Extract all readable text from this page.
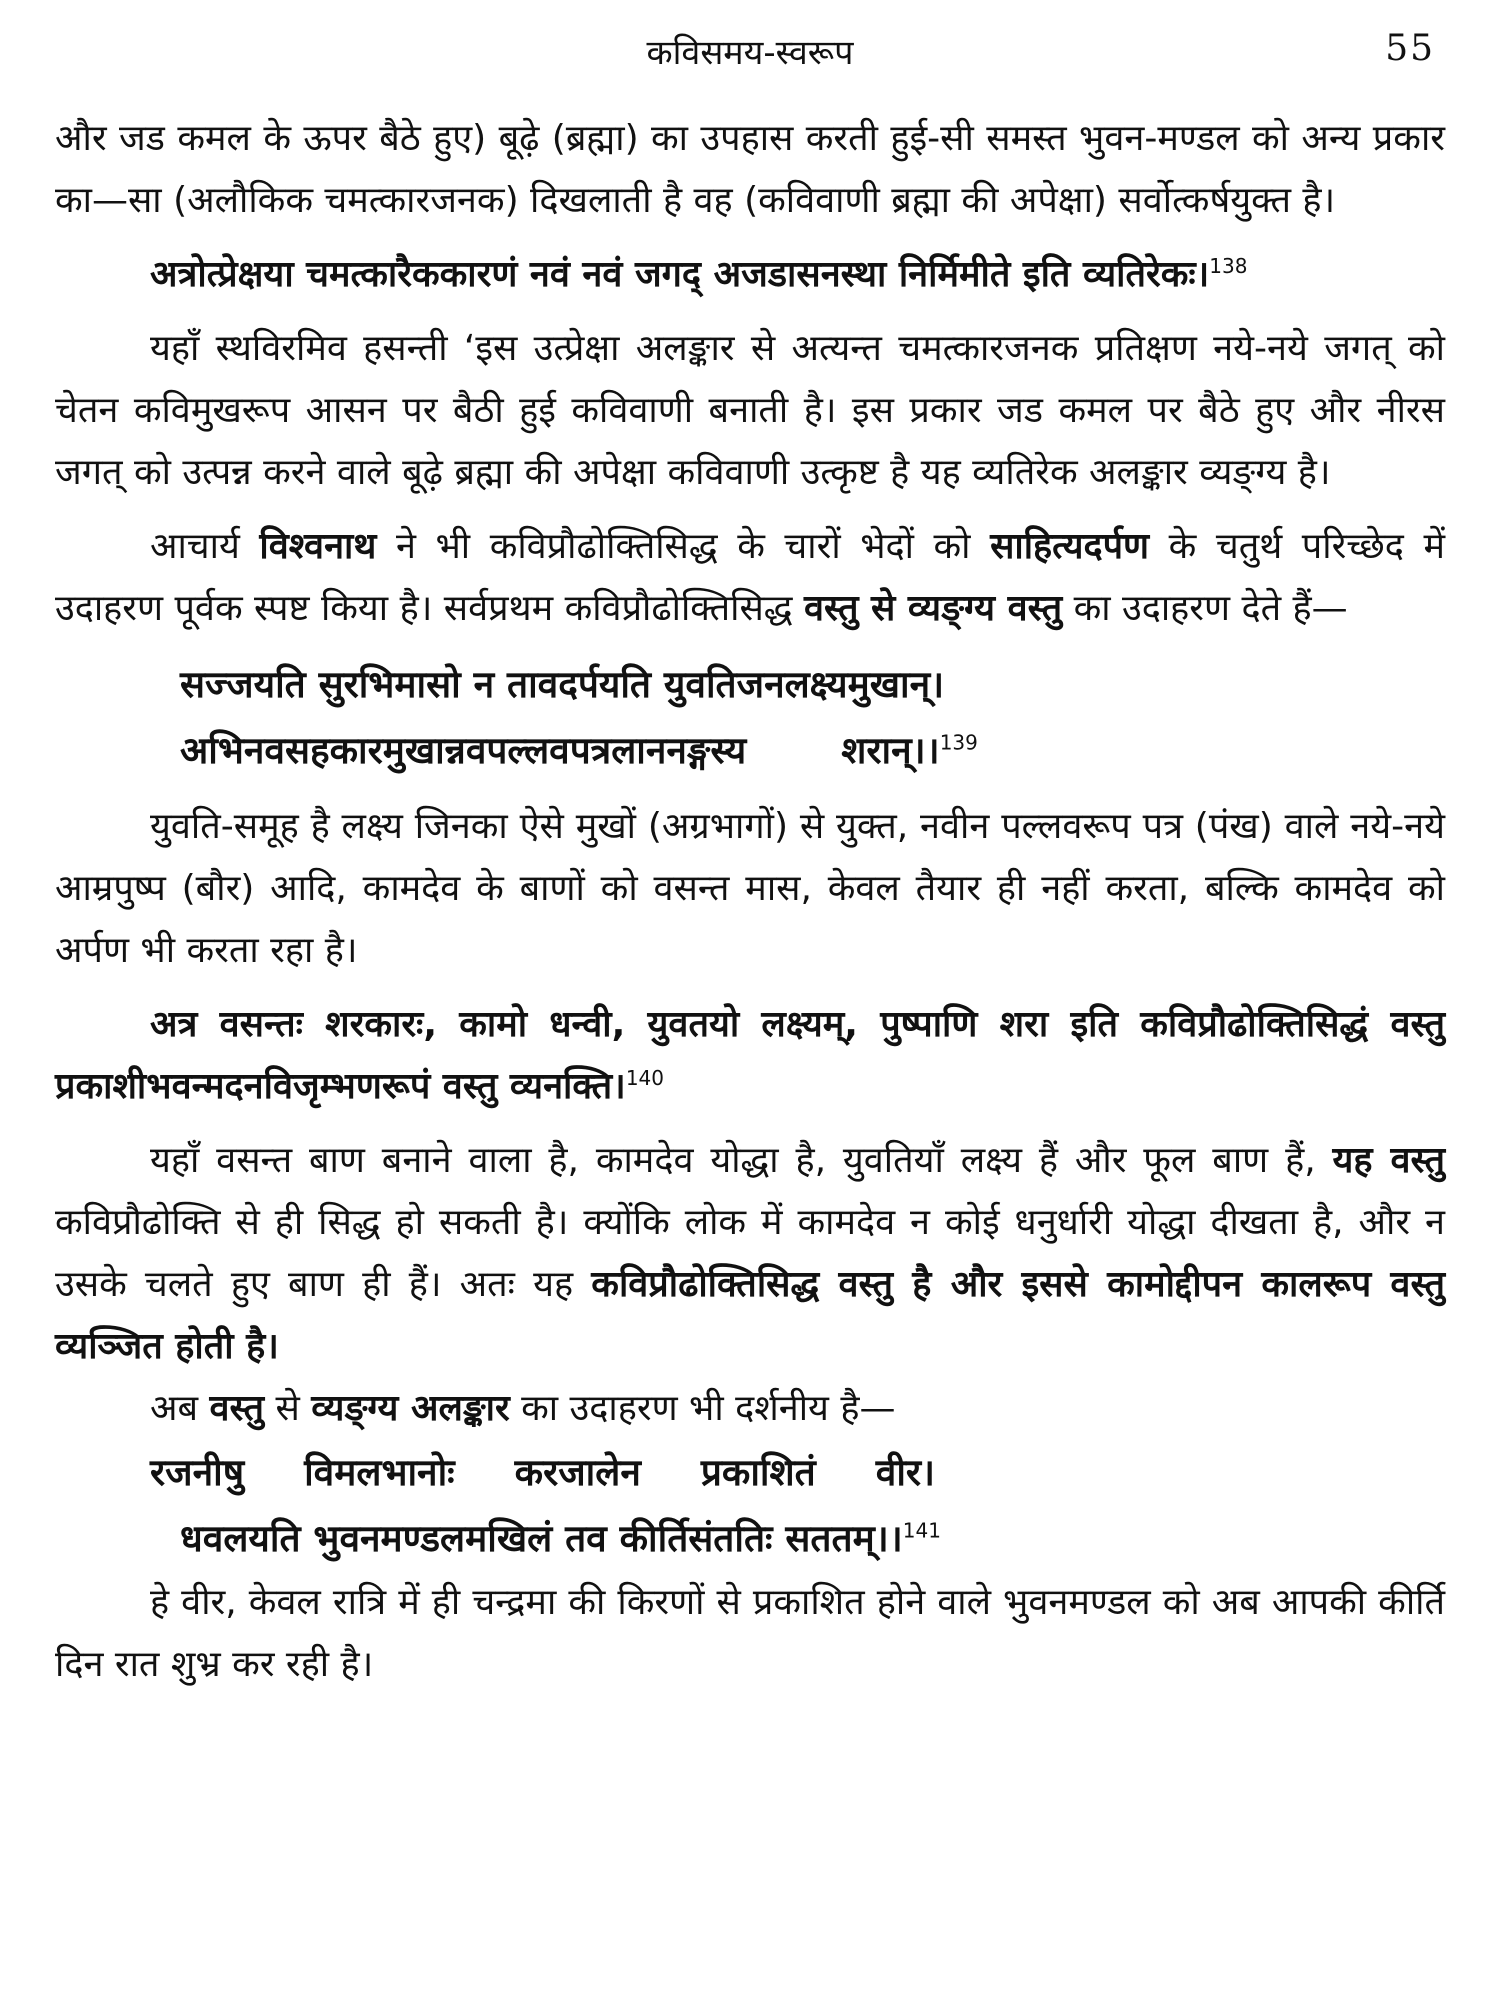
कविसमय-स्वरूप	55

और जड कमल के ऊपर बैठे हुए) बूढ़े (ब्रह्मा) का उपहास करती हुई-सी समस्त भुवन-मण्डल को अन्य प्रकार का—सा (अलौकिक चमत्कारजनक) दिखलाती है वह (कविवाणी ब्रह्मा की अपेक्षा) सर्वोत्कर्षयुक्त है।

अत्रोत्प्रेक्षया चमत्कारैककारणं नवं नवं जगद् अजडासनस्था निर्मिमीते इति व्यतिरेकः।$^{138}$

यहाँ स्थविरमिव हसन्ती ‘इस उत्प्रेक्षा अलङ्कार से अत्यन्त चमत्कारजनक प्रतिक्षण नये-नये जगत् को चेतन कविमुखरूप आसन पर बैठी हुई कविवाणी बनाती है। इस प्रकार जड कमल पर बैठे हुए और नीरस जगत् को उत्पन्न करने वाले बूढ़े ब्रह्मा की अपेक्षा कविवाणी उत्कृष्ट है यह व्यतिरेक अलङ्कार व्यङ्ग्य है।

आचार्य विश्वनाथ ने भी कविप्रौढोक्तिसिद्ध के चारों भेदों को साहित्यदर्पण के चतुर्थ परिच्छेद में उदाहरण पूर्वक स्पष्ट किया है। सर्वप्रथम कविप्रौढोक्तिसिद्ध वस्तु से व्यङ्ग्य वस्तु का उदाहरण देते हैं—

सज्जयति सुरभिमासो न तावदर्पयति युवतिजनलक्ष्यमुखान्।

अभिनवसहकारमुखान्नवपल्लवपत्रलाननङ्गस्य	शरान्।।$^{139}$

युवति-समूह है लक्ष्य जिनका ऐसे मुखों (अग्रभागों) से युक्त, नवीन पल्लवरूप पत्र (पंख) वाले नये-नये आम्रपुष्प (बौर) आदि, कामदेव के बाणों को वसन्त मास, केवल तैयार ही नहीं करता, बल्कि कामदेव को अर्पण भी करता रहा है।

अत्र वसन्तः शरकारः, कामो धन्वी, युवतयो लक्ष्यम्, पुष्पाणि शरा इति कविप्रौढोक्तिसिद्धं वस्तु प्रकाशीभवन्मदनविजृम्भणरूपं वस्तु व्यनक्ति।$^{140}$

यहाँ वसन्त बाण बनाने वाला है, कामदेव योद्धा है, युवतियाँ लक्ष्य हैं और फूल बाण हैं, यह वस्तु कविप्रौढोक्ति से ही सिद्ध हो सकती है। क्योंकि लोक में कामदेव न कोई धनुर्धारी योद्धा दीखता है, और न उसके चलते हुए बाण ही हैं। अतः यह कविप्रौढोक्तिसिद्ध वस्तु है और इससे कामोद्दीपन कालरूप वस्तु व्यञ्जित होती है।

अब वस्तु से व्यङ्ग्य अलङ्कार का उदाहरण भी दर्शनीय है—

रजनीषु विमलभानोः करजालेन प्रकाशितं वीर।

धवलयति भुवनमण्डलमखिलं तव कीर्तिसंततिः सततम्।।$^{141}$

हे वीर, केवल रात्रि में ही चन्द्रमा की किरणों से प्रकाशित होने वाले भुवनमण्डल को अब आपकी कीर्ति दिन रात शुभ्र कर रही है।
